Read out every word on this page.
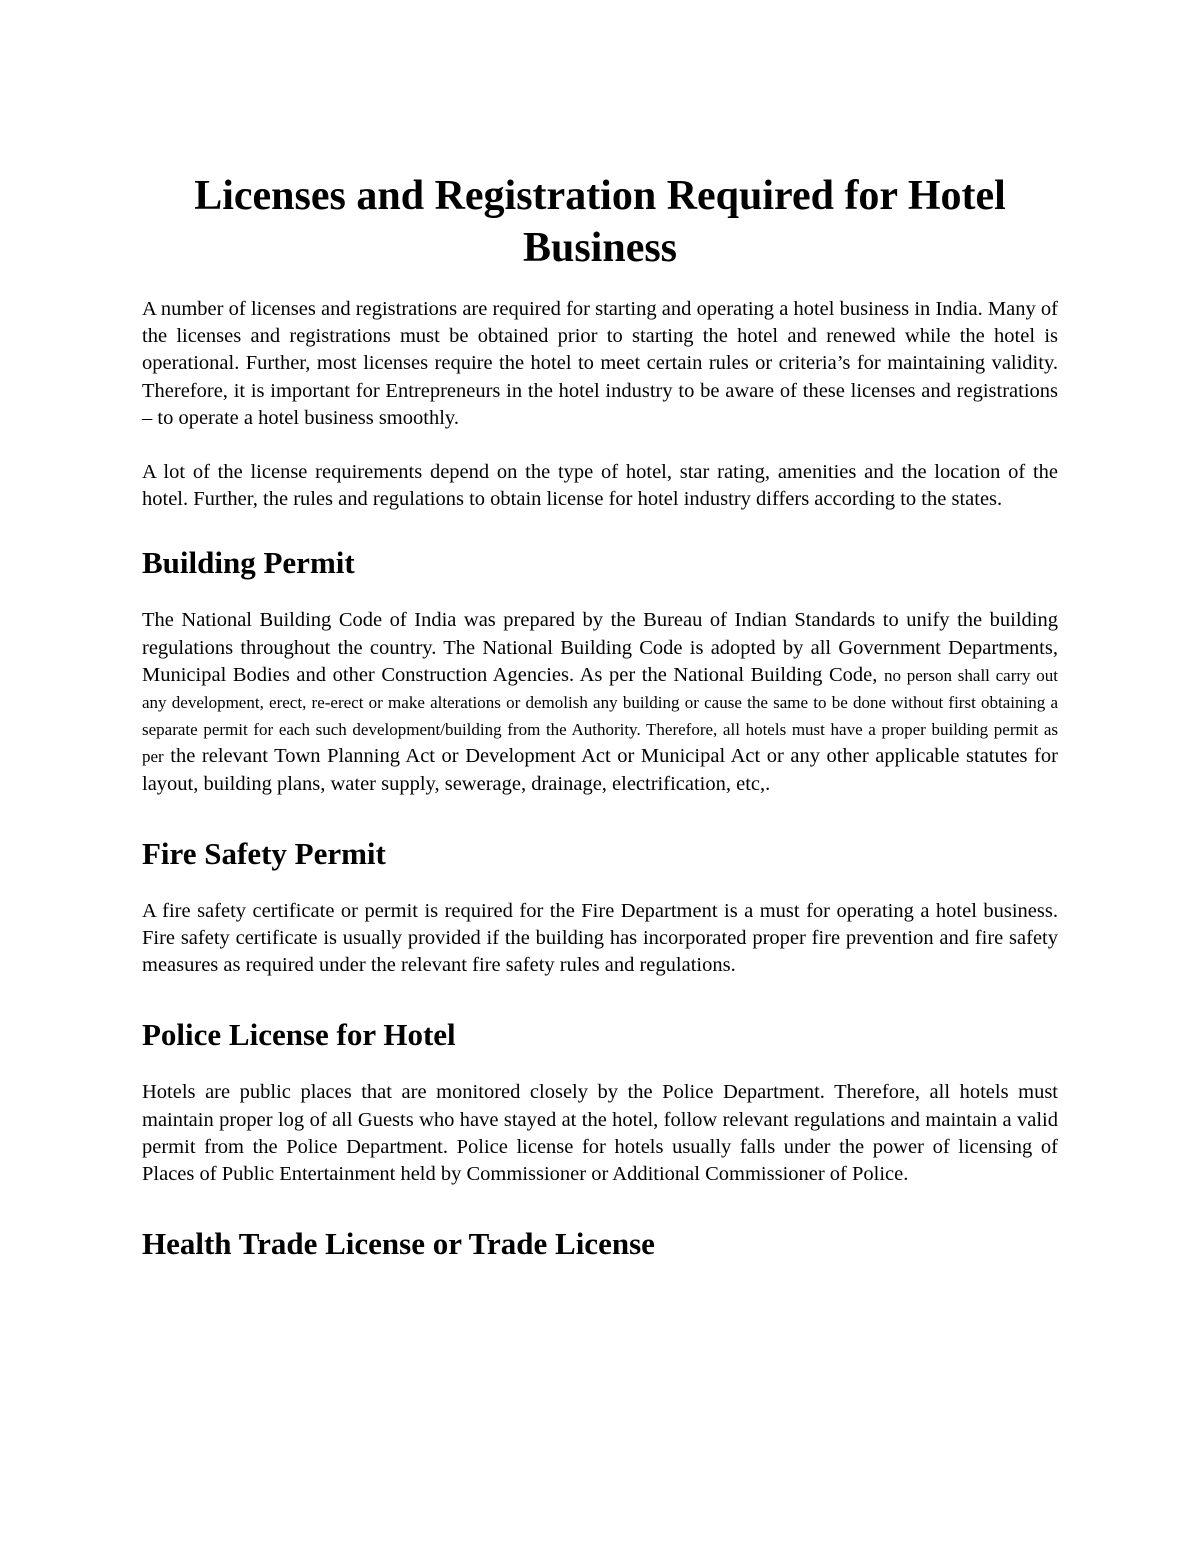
Licenses and Registration Required for Hotel Business

A number of licenses and registrations are required for starting and operating a hotel business in India. Many of the licenses and registrations must be obtained prior to starting the hotel and renewed while the hotel is operational. Further, most licenses require the hotel to meet certain rules or criteria’s for maintaining validity. Therefore, it is important for Entrepreneurs in the hotel industry to be aware of these licenses and registrations – to operate a hotel business smoothly.

A lot of the license requirements depend on the type of hotel, star rating, amenities and the location of the hotel. Further, the rules and regulations to obtain license for hotel industry differs according to the states.

Building Permit

The National Building Code of India was prepared by the Bureau of Indian Standards to unify the building regulations throughout the country. The National Building Code is adopted by all Government Departments, Municipal Bodies and other Construction Agencies. As per the National Building Code, no person shall carry out any development, erect, re-erect or make alterations or demolish any building or cause the same to be done without first obtaining a separate permit for each such development/building from the Authority. Therefore, all hotels must have a proper building permit as per the relevant Town Planning Act or Development Act or Municipal Act or any other applicable statutes for layout, building plans, water supply, sewerage, drainage, electrification, etc,.

Fire Safety Permit

A fire safety certificate or permit is required for the Fire Department is a must for operating a hotel business. Fire safety certificate is usually provided if the building has incorporated proper fire prevention and fire safety measures as required under the relevant fire safety rules and regulations.

Police License for Hotel

Hotels are public places that are monitored closely by the Police Department. Therefore, all hotels must maintain proper log of all Guests who have stayed at the hotel, follow relevant regulations and maintain a valid permit from the Police Department. Police license for hotels usually falls under the power of licensing of Places of Public Entertainment held by Commissioner or Additional Commissioner of Police.

Health Trade License or Trade License
